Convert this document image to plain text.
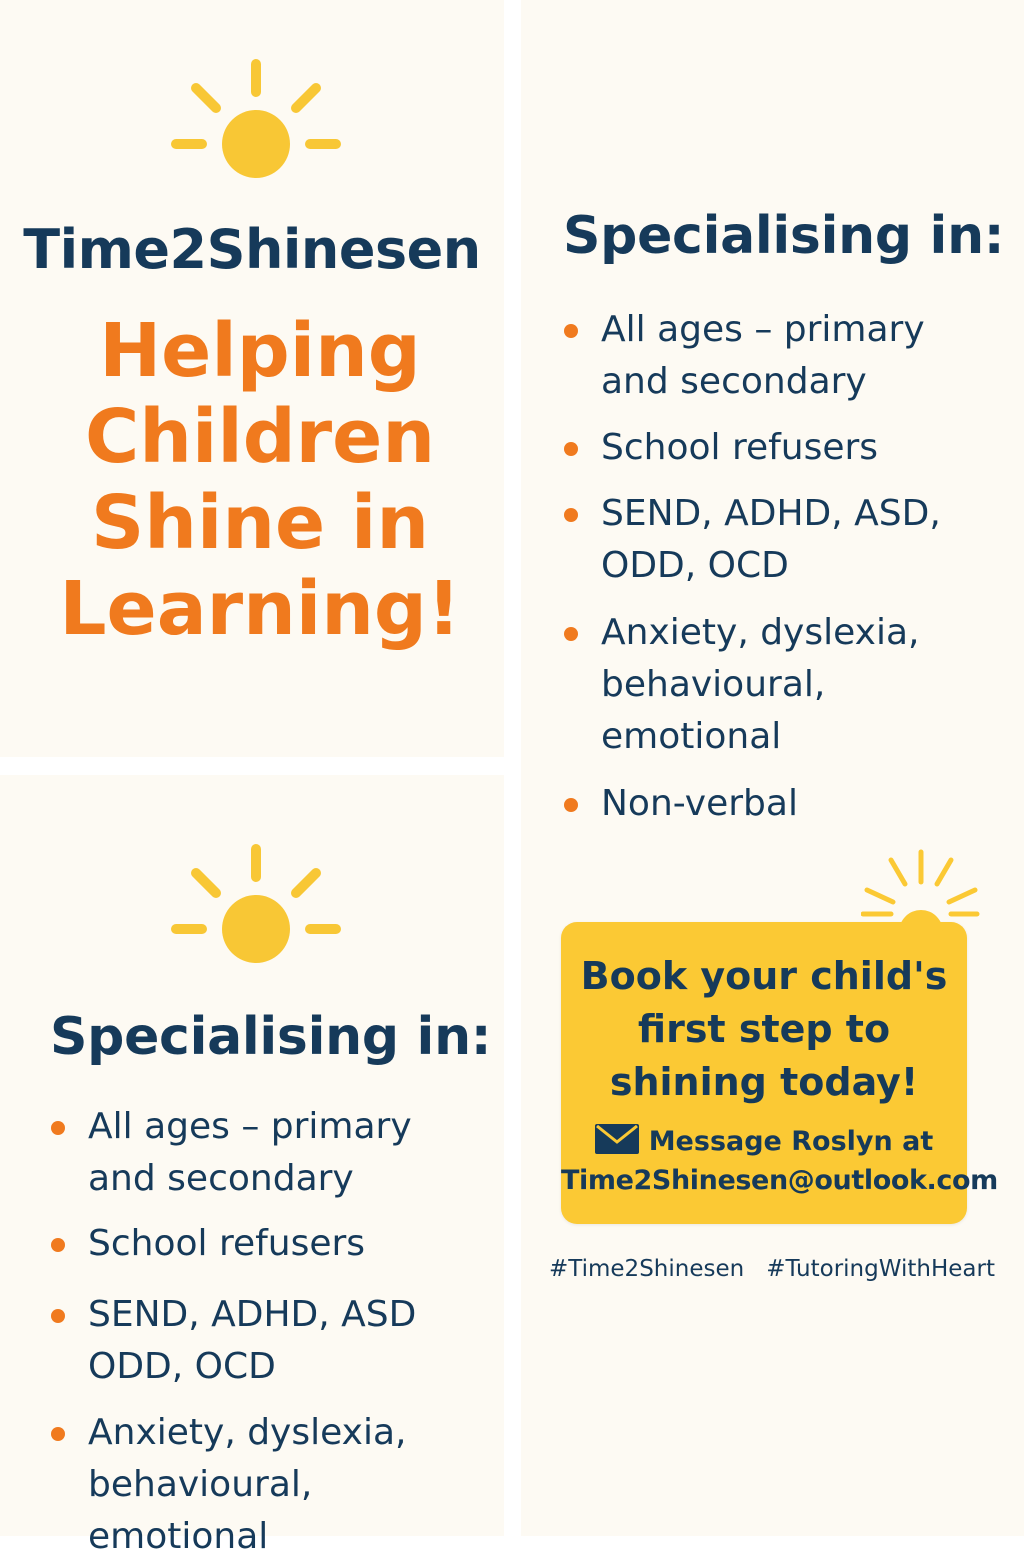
Time2Shinesen
Helping
Children
Shine in
Learning!
Specialising in:
All ages – primary
and secondary
School refusers
SEND, ADHD, ASD,
ODD, OCD
Anxiety, dyslexia,
behavioural,
emotional
Non-verbal

Book your child's
first step to
shining today!

Message Roslyn at
Time2Shinesen@outlook.com
#Time2Shinesen #TutoringWithHeart
Specialising in:
All ages – primary
and secondary
School refusers
SEND, ADHD, ASD
ODD, OCD
Anxiety, dyslexia,
behavioural,
emotional
